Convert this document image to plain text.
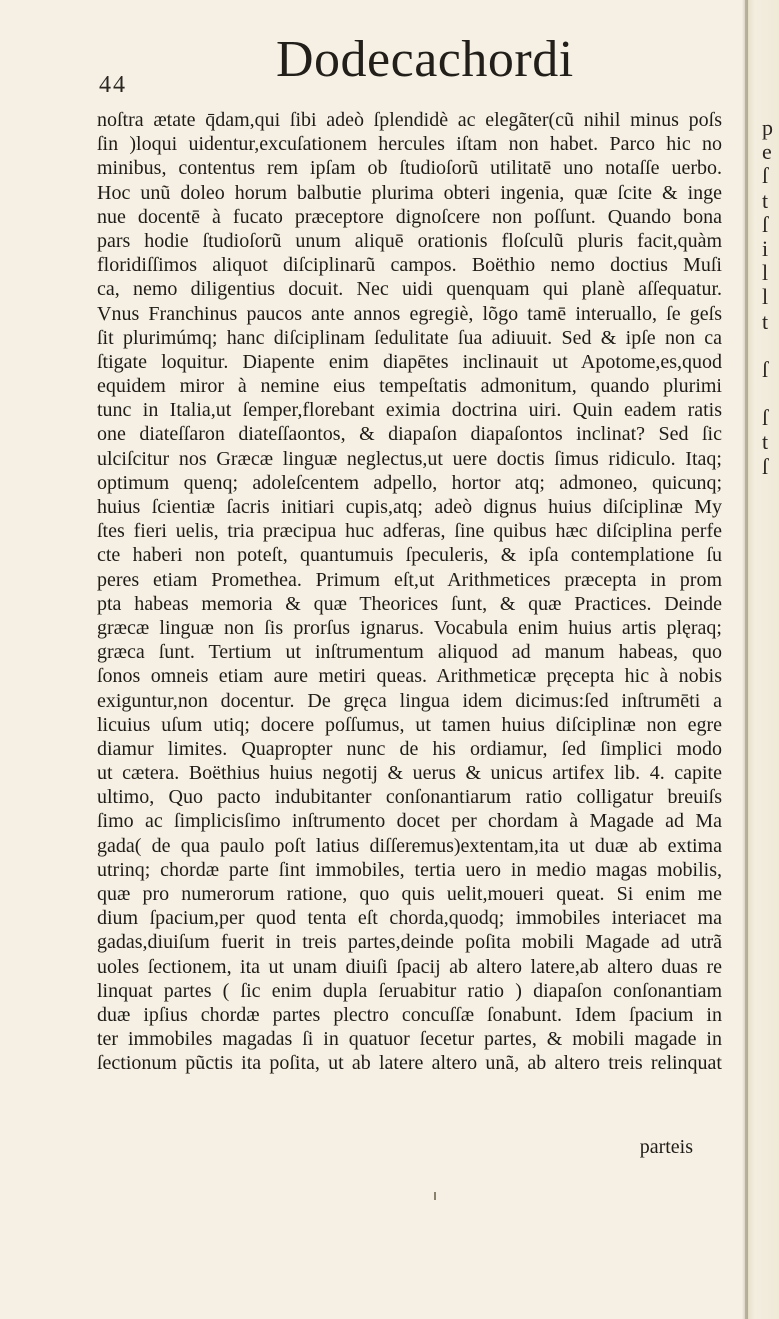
44	Dodecachordi
noſtra ætate q̄dam,qui ſibi adeò ſplendidè ac elegãter(cũ nihil minus poſs
ſin )loqui uidentur,excuſationem hercules iſtam non habet. Parco hic no
minibus, contentus rem ipſam ob ſtudioſorũ utilitatē uno notaſſe uerbo.
Hoc unũ doleo horum balbutie plurima obteri ingenia, quæ ſcite & inge
nue docentē à fucato præceptore dignoſcere non poſſunt. Quando bona
pars hodie ſtudioſorũ unum aliquē orationis floſculũ pluris facit,quàm
floridiſſimos aliquot diſciplinarũ campos. Boëthio nemo doctius Muſi
ca, nemo diligentius docuit. Nec uidi quenquam qui planè aſſequatur.
Vnus Franchinus paucos ante annos egregiè, lõgo tamē interuallo, ſe geſs
ſit plurimúmq; hanc diſciplinam ſedulitate ſua adiuuit. Sed & ipſe non ca
ſtigate loquitur. Diapente enim diapētes inclinauit ut Apotome,es,quod
equidem miror à nemine eius tempeſtatis admonitum, quando plurimi
tunc in Italia,ut ſemper,florebant eximia doctrina uiri. Quin eadem ratis
one diateſſaron diateſſaontos, & diapaſon diapaſontos inclinat? Sed ſic
ulciſcitur nos Græcæ linguæ neglectus,ut uere doctis ſimus ridiculo. Itaq;
optimum quenq; adoleſcentem adpello, hortor atq; admoneo, quicunq;
huius ſcientiæ ſacris initiari cupis,atq; adeò dignus huius diſciplinæ My
ſtes fieri uelis, tria præcipua huc adferas, ſine quibus hæc diſciplina perfe
cte haberi non poteſt, quantumuis ſpeculeris, & ipſa contemplatione ſu
peres etiam Promethea. Primum eſt,ut Arithmetices præcepta in prom
pta habeas memoria & quæ Theorices ſunt, & quæ Practices. Deinde
græcæ linguæ non ſis prorſus ignarus. Vocabula enim huius artis plęraq;
græca ſunt. Tertium ut inſtrumentum aliquod ad manum habeas, quo
ſonos omneis etiam aure metiri queas. Arithmeticæ pręcepta hic à nobis
exiguntur,non docentur. De gręca lingua idem dicimus:ſed inſtrumēti a
licuius uſum utiq; docere poſſumus, ut tamen huius diſciplinæ non egre
diamur limites. Quapropter nunc de his ordiamur, ſed ſimplici modo
ut cætera. Boëthius huius negotij & uerus & unicus artifex lib. 4. capite
ultimo, Quo pacto indubitanter conſonantiarum ratio colligatur breuiſs
ſimo ac ſimplicisſimo inſtrumento docet per chordam à Magade ad Ma
gada( de qua paulo poſt latius diſſeremus)extentam,ita ut duæ ab extima
utrinq; chordæ parte ſint immobiles, tertia uero in medio magas mobilis,
quæ pro numerorum ratione, quo quis uelit,moueri queat. Si enim me
dium ſpacium,per quod tenta eſt chorda,quodq; immobiles interiacet ma
gadas,diuiſum fuerit in treis partes,deinde poſita mobili Magade ad utrã
uoles ſectionem, ita ut unam diuiſi ſpacij ab altero latere,ab altero duas re
linquat partes ( ſic enim dupla ſeruabitur ratio ) diapaſon conſonantiam
duæ ipſius chordæ partes plectro concuſſæ ſonabunt. Idem ſpacium in
ter immobiles magadas ſi in quatuor ſecetur partes, & mobili magade in
ſectionum pũctis ita poſita, ut ab latere altero unã, ab altero treis relinquat
parteis
p
e
ſ
t
ſ
i
l
l
t
ſ
ſ
t
ſ
